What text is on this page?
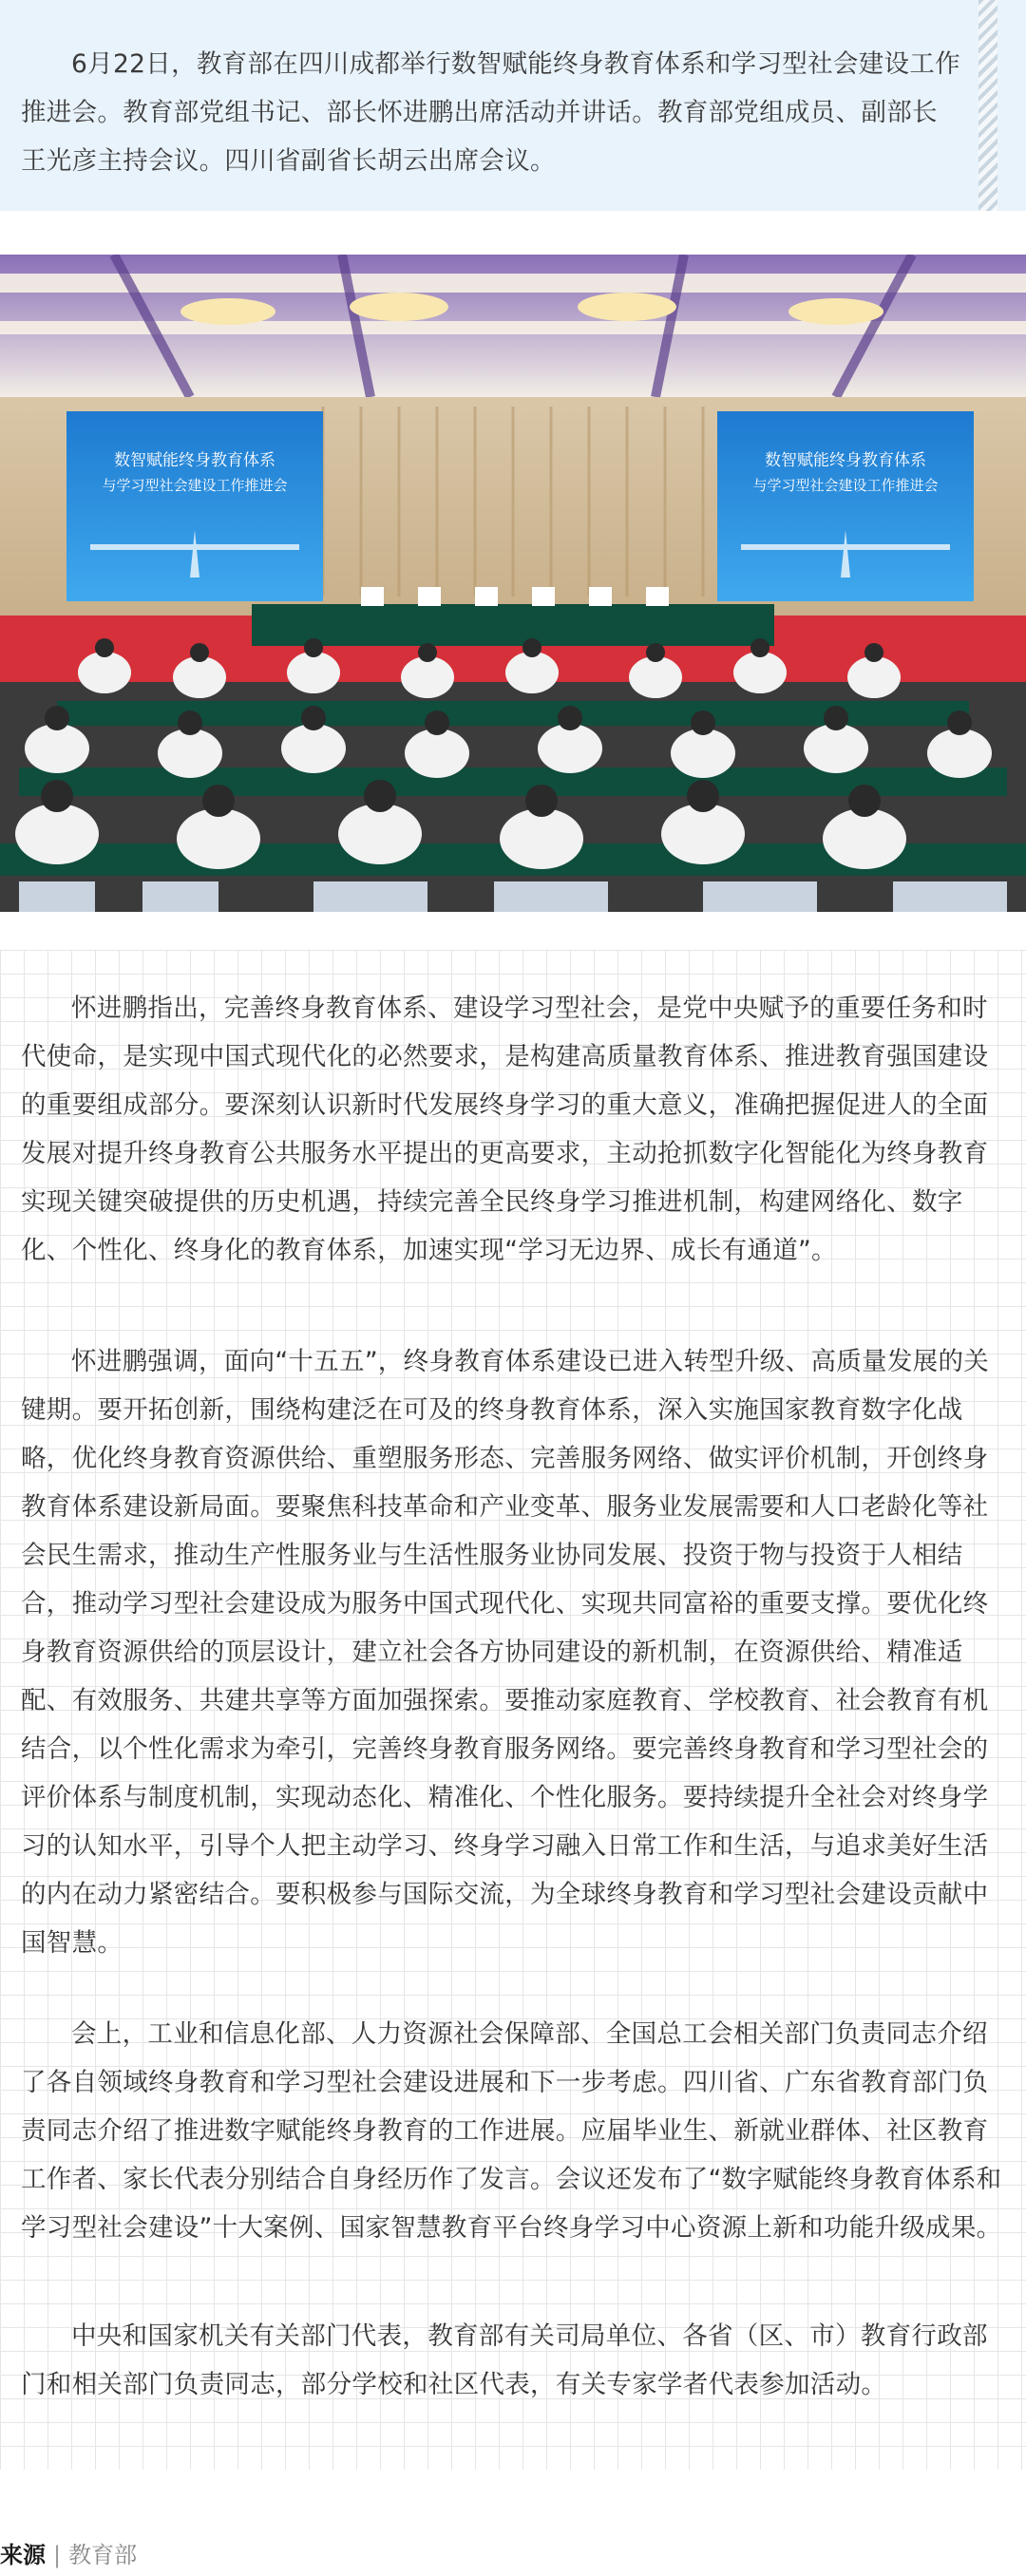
6月22日，教育部在四川成都举行数智赋能终身教育体系和学习型社会建设工作推进会。教育部党组书记、部长怀进鹏出席活动并讲话。教育部党组成员、副部长王光彦主持会议。四川省副省长胡云出席会议。

数智赋能终身教育体系
与学习型社会建设工作推进会
数智赋能终身教育体系
与学习型社会建设工作推进会

怀进鹏指出，完善终身教育体系、建设学习型社会，是党中央赋予的重要任务和时代使命，是实现中国式现代化的必然要求，是构建高质量教育体系、推进教育强国建设的重要组成部分。要深刻认识新时代发展终身学习的重大意义，准确把握促进人的全面发展对提升终身教育公共服务水平提出的更高要求，主动抢抓数字化智能化为终身教育实现关键突破提供的历史机遇，持续完善全民终身学习推进机制，构建网络化、数字化、个性化、终身化的教育体系，加速实现“学习无边界、成长有通道”。

怀进鹏强调，面向“十五五”，终身教育体系建设已进入转型升级、高质量发展的关键期。要开拓创新，围绕构建泛在可及的终身教育体系，深入实施国家教育数字化战略，优化终身教育资源供给、重塑服务形态、完善服务网络、做实评价机制，开创终身教育体系建设新局面。要聚焦科技革命和产业变革、服务业发展需要和人口老龄化等社会民生需求，推动生产性服务业与生活性服务业协同发展、投资于物与投资于人相结合，推动学习型社会建设成为服务中国式现代化、实现共同富裕的重要支撑。要优化终身教育资源供给的顶层设计，建立社会各方协同建设的新机制，在资源供给、精准适配、有效服务、共建共享等方面加强探索。要推动家庭教育、学校教育、社会教育有机结合，以个性化需求为牵引，完善终身教育服务网络。要完善终身教育和学习型社会的评价体系与制度机制，实现动态化、精准化、个性化服务。要持续提升全社会对终身学习的认知水平，引导个人把主动学习、终身学习融入日常工作和生活，与追求美好生活的内在动力紧密结合。要积极参与国际交流，为全球终身教育和学习型社会建设贡献中国智慧。

会上，工业和信息化部、人力资源社会保障部、全国总工会相关部门负责同志介绍了各自领域终身教育和学习型社会建设进展和下一步考虑。四川省、广东省教育部门负责同志介绍了推进数字赋能终身教育的工作进展。应届毕业生、新就业群体、社区教育工作者、家长代表分别结合自身经历作了发言。会议还发布了“数字赋能终身教育体系和学习型社会建设”十大案例、国家智慧教育平台终身学习中心资源上新和功能升级成果。

中央和国家机关有关部门代表，教育部有关司局单位、各省（区、市）教育行政部门和相关部门负责同志，部分学校和社区代表，有关专家学者代表参加活动。

来源 | 教育部
